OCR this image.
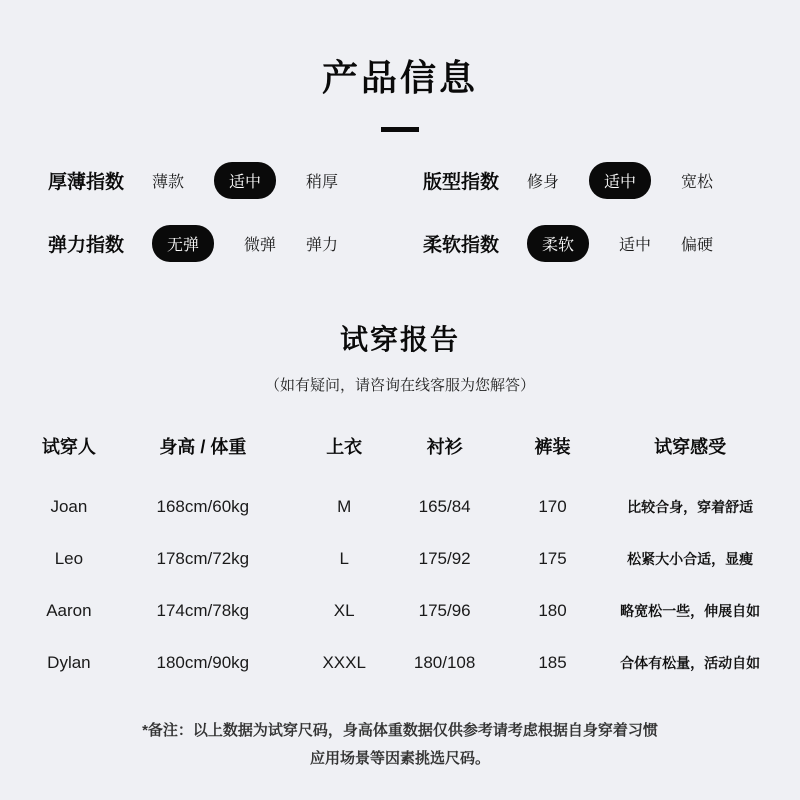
产品信息
厚薄指数 薄款	适中	稍厚	版型指数 修身	适中	宽松
弹力指数	无弹	微弹 弹力	柔软指数	柔软	适中 偏硬
试穿报告
（如有疑问，请咨询在线客服为您解答）
试穿人	身高 / 体重	上衣	衬衫	裤装	试穿感受
Joan	168cm/60kg	M	165/84	170	比较合身，穿着舒适
Leo	178cm/72kg	L	175/92	175	松紧大小合适，显瘦
Aaron	174cm/78kg	XL	175/96	180	略宽松一些，伸展自如
Dylan	180cm/90kg	XXXL	180/108	185	合体有松量，活动自如
*备注：以上数据为试穿尺码，身高体重数据仅供参考请考虑根据自身穿着习惯
应用场景等因素挑选尺码。
